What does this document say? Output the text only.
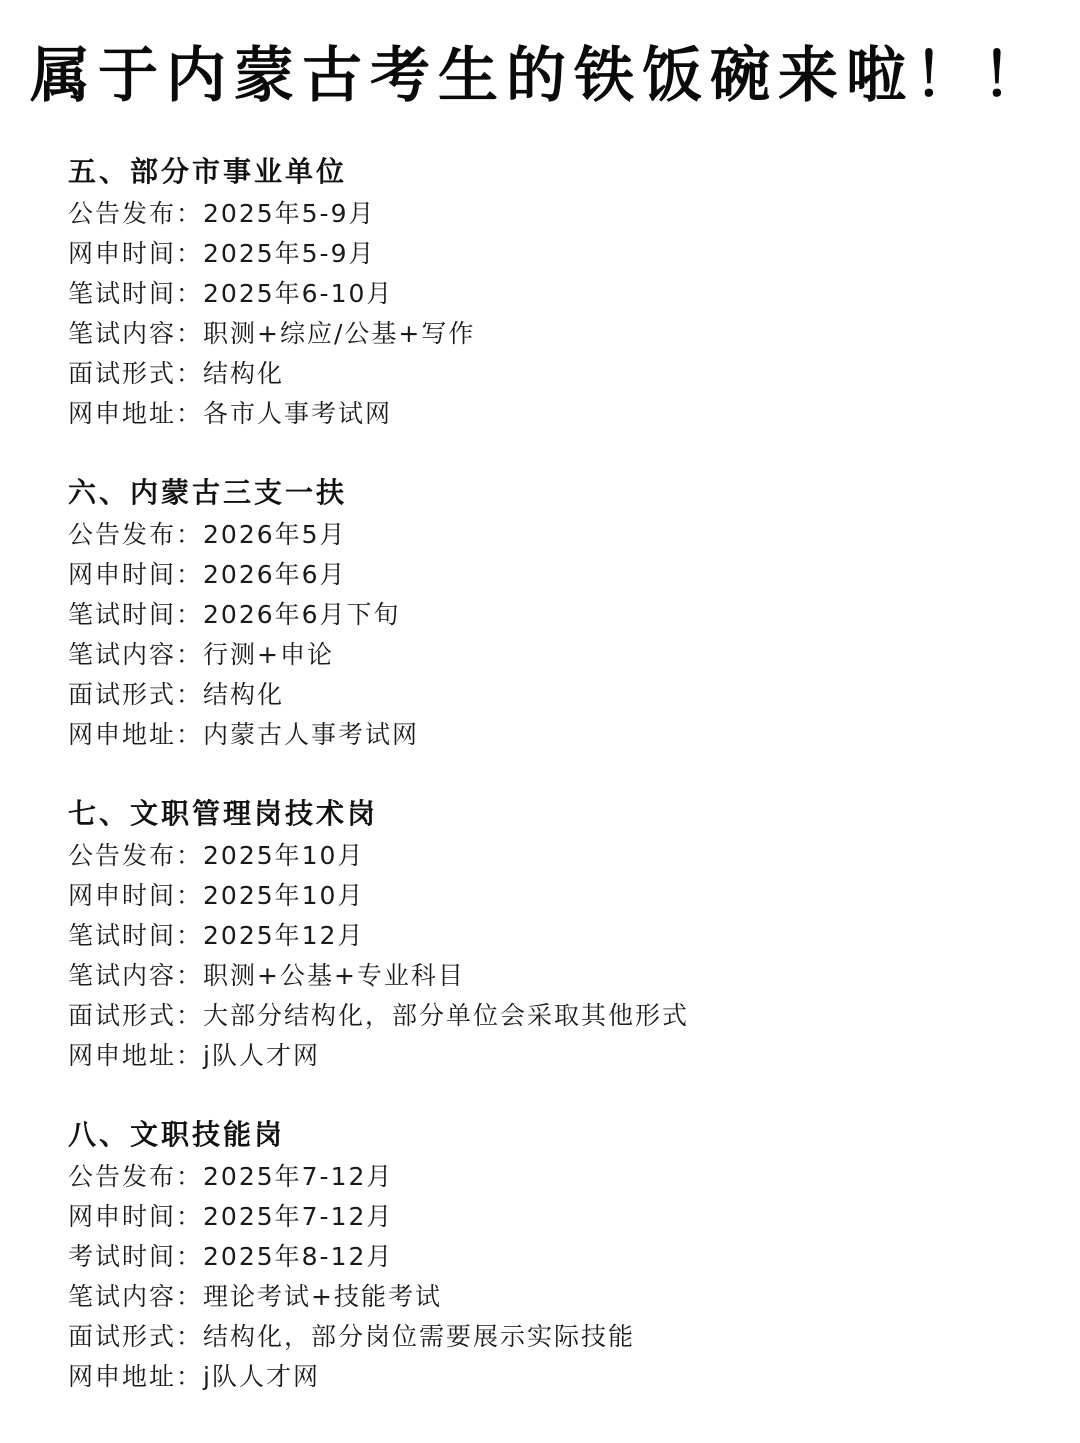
属于内蒙古考生的铁饭碗来啦！！
五、部分市事业单位
公告发布：2025年5-9月
网申时间：2025年5-9月
笔试时间：2025年6-10月
笔试内容：职测+综应/公基+写作
面试形式：结构化
网申地址：各市人事考试网
六、内蒙古三支一扶
公告发布：2026年5月
网申时间：2026年6月
笔试时间：2026年6月下旬
笔试内容：行测+申论
面试形式：结构化
网申地址：内蒙古人事考试网
七、文职管理岗技术岗
公告发布：2025年10月
网申时间：2025年10月
笔试时间：2025年12月
笔试内容：职测+公基+专业科目
面试形式：大部分结构化，部分单位会采取其他形式
网申地址：j队人才网
八、文职技能岗
公告发布：2025年7-12月
网申时间：2025年7-12月
考试时间：2025年8-12月
笔试内容：理论考试+技能考试
面试形式：结构化，部分岗位需要展示实际技能
网申地址：j队人才网
